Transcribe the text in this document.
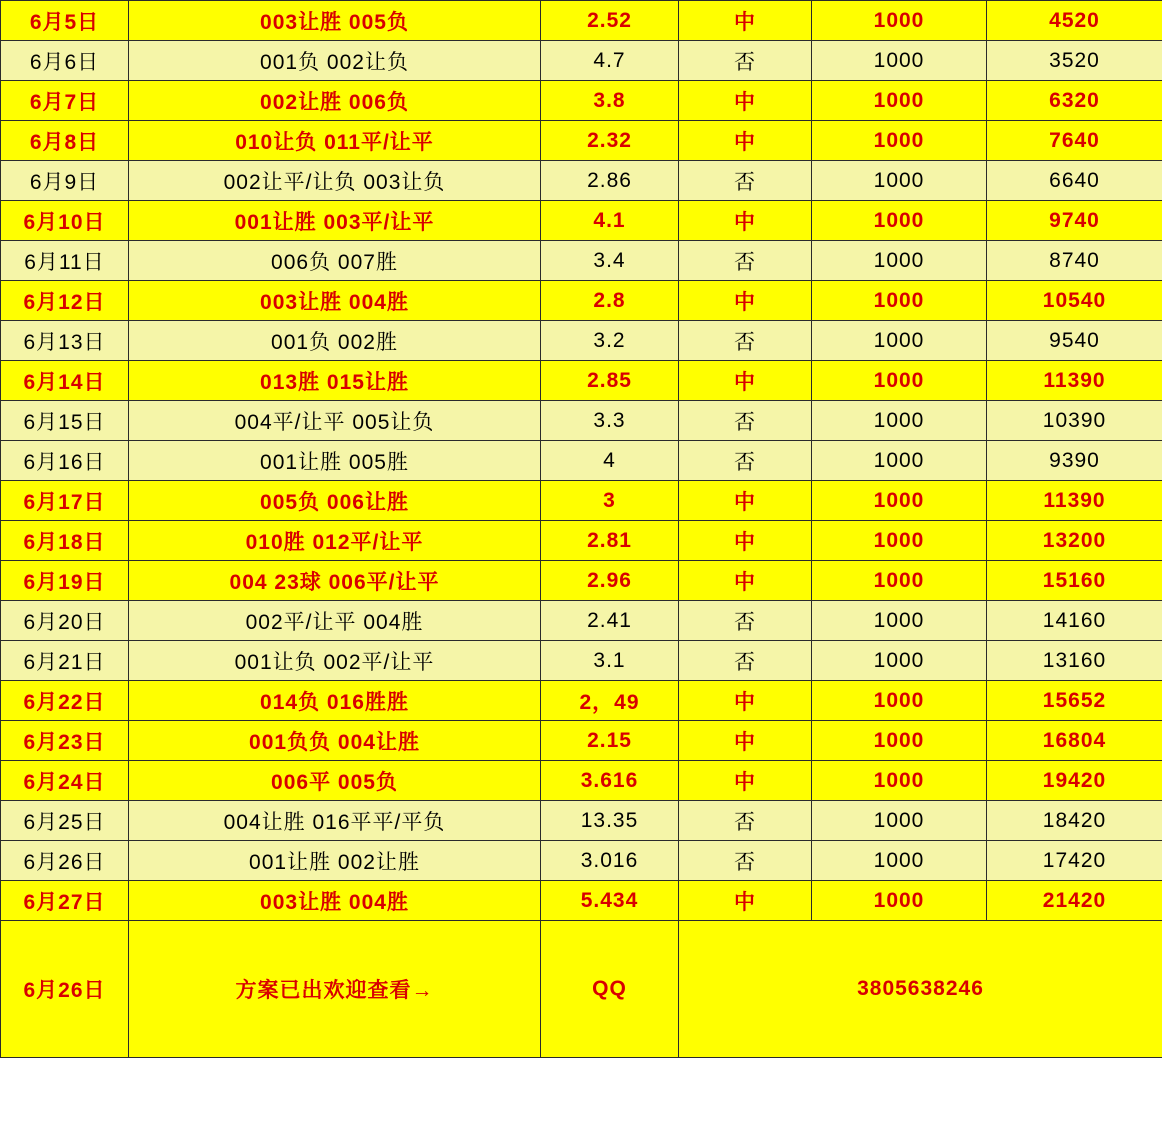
6月5日	003让胜 005负	2.52	中	1000	4520
6月6日	001负 002让负	4.7	否	1000	3520
6月7日	002让胜 006负	3.8	中	1000	6320
6月8日	010让负 011平/让平	2.32	中	1000	7640
6月9日	002让平/让负 003让负	2.86	否	1000	6640
6月10日	001让胜 003平/让平	4.1	中	1000	9740
6月11日	006负 007胜	3.4	否	1000	8740
6月12日	003让胜 004胜	2.8	中	1000	10540
6月13日	001负 002胜	3.2	否	1000	9540
6月14日	013胜 015让胜	2.85	中	1000	11390
6月15日	004平/让平 005让负	3.3	否	1000	10390
6月16日	001让胜 005胜	4	否	1000	9390
6月17日	005负 006让胜	3	中	1000	11390
6月18日	010胜 012平/让平	2.81	中	1000	13200
6月19日	004 23球 006平/让平	2.96	中	1000	15160
6月20日	002平/让平 004胜	2.41	否	1000	14160
6月21日	001让负 002平/让平	3.1	否	1000	13160
6月22日	014负 016胜胜	2，49	中	1000	15652
6月23日	001负负 004让胜	2.15	中	1000	16804
6月24日	006平 005负	3.616	中	1000	19420
6月25日	004让胜 016平平/平负	13.35	否	1000	18420
6月26日	001让胜 002让胜	3.016	否	1000	17420
6月27日	003让胜 004胜	5.434	中	1000	21420
6月26日	方案已出欢迎查看→	QQ	3805638246		
